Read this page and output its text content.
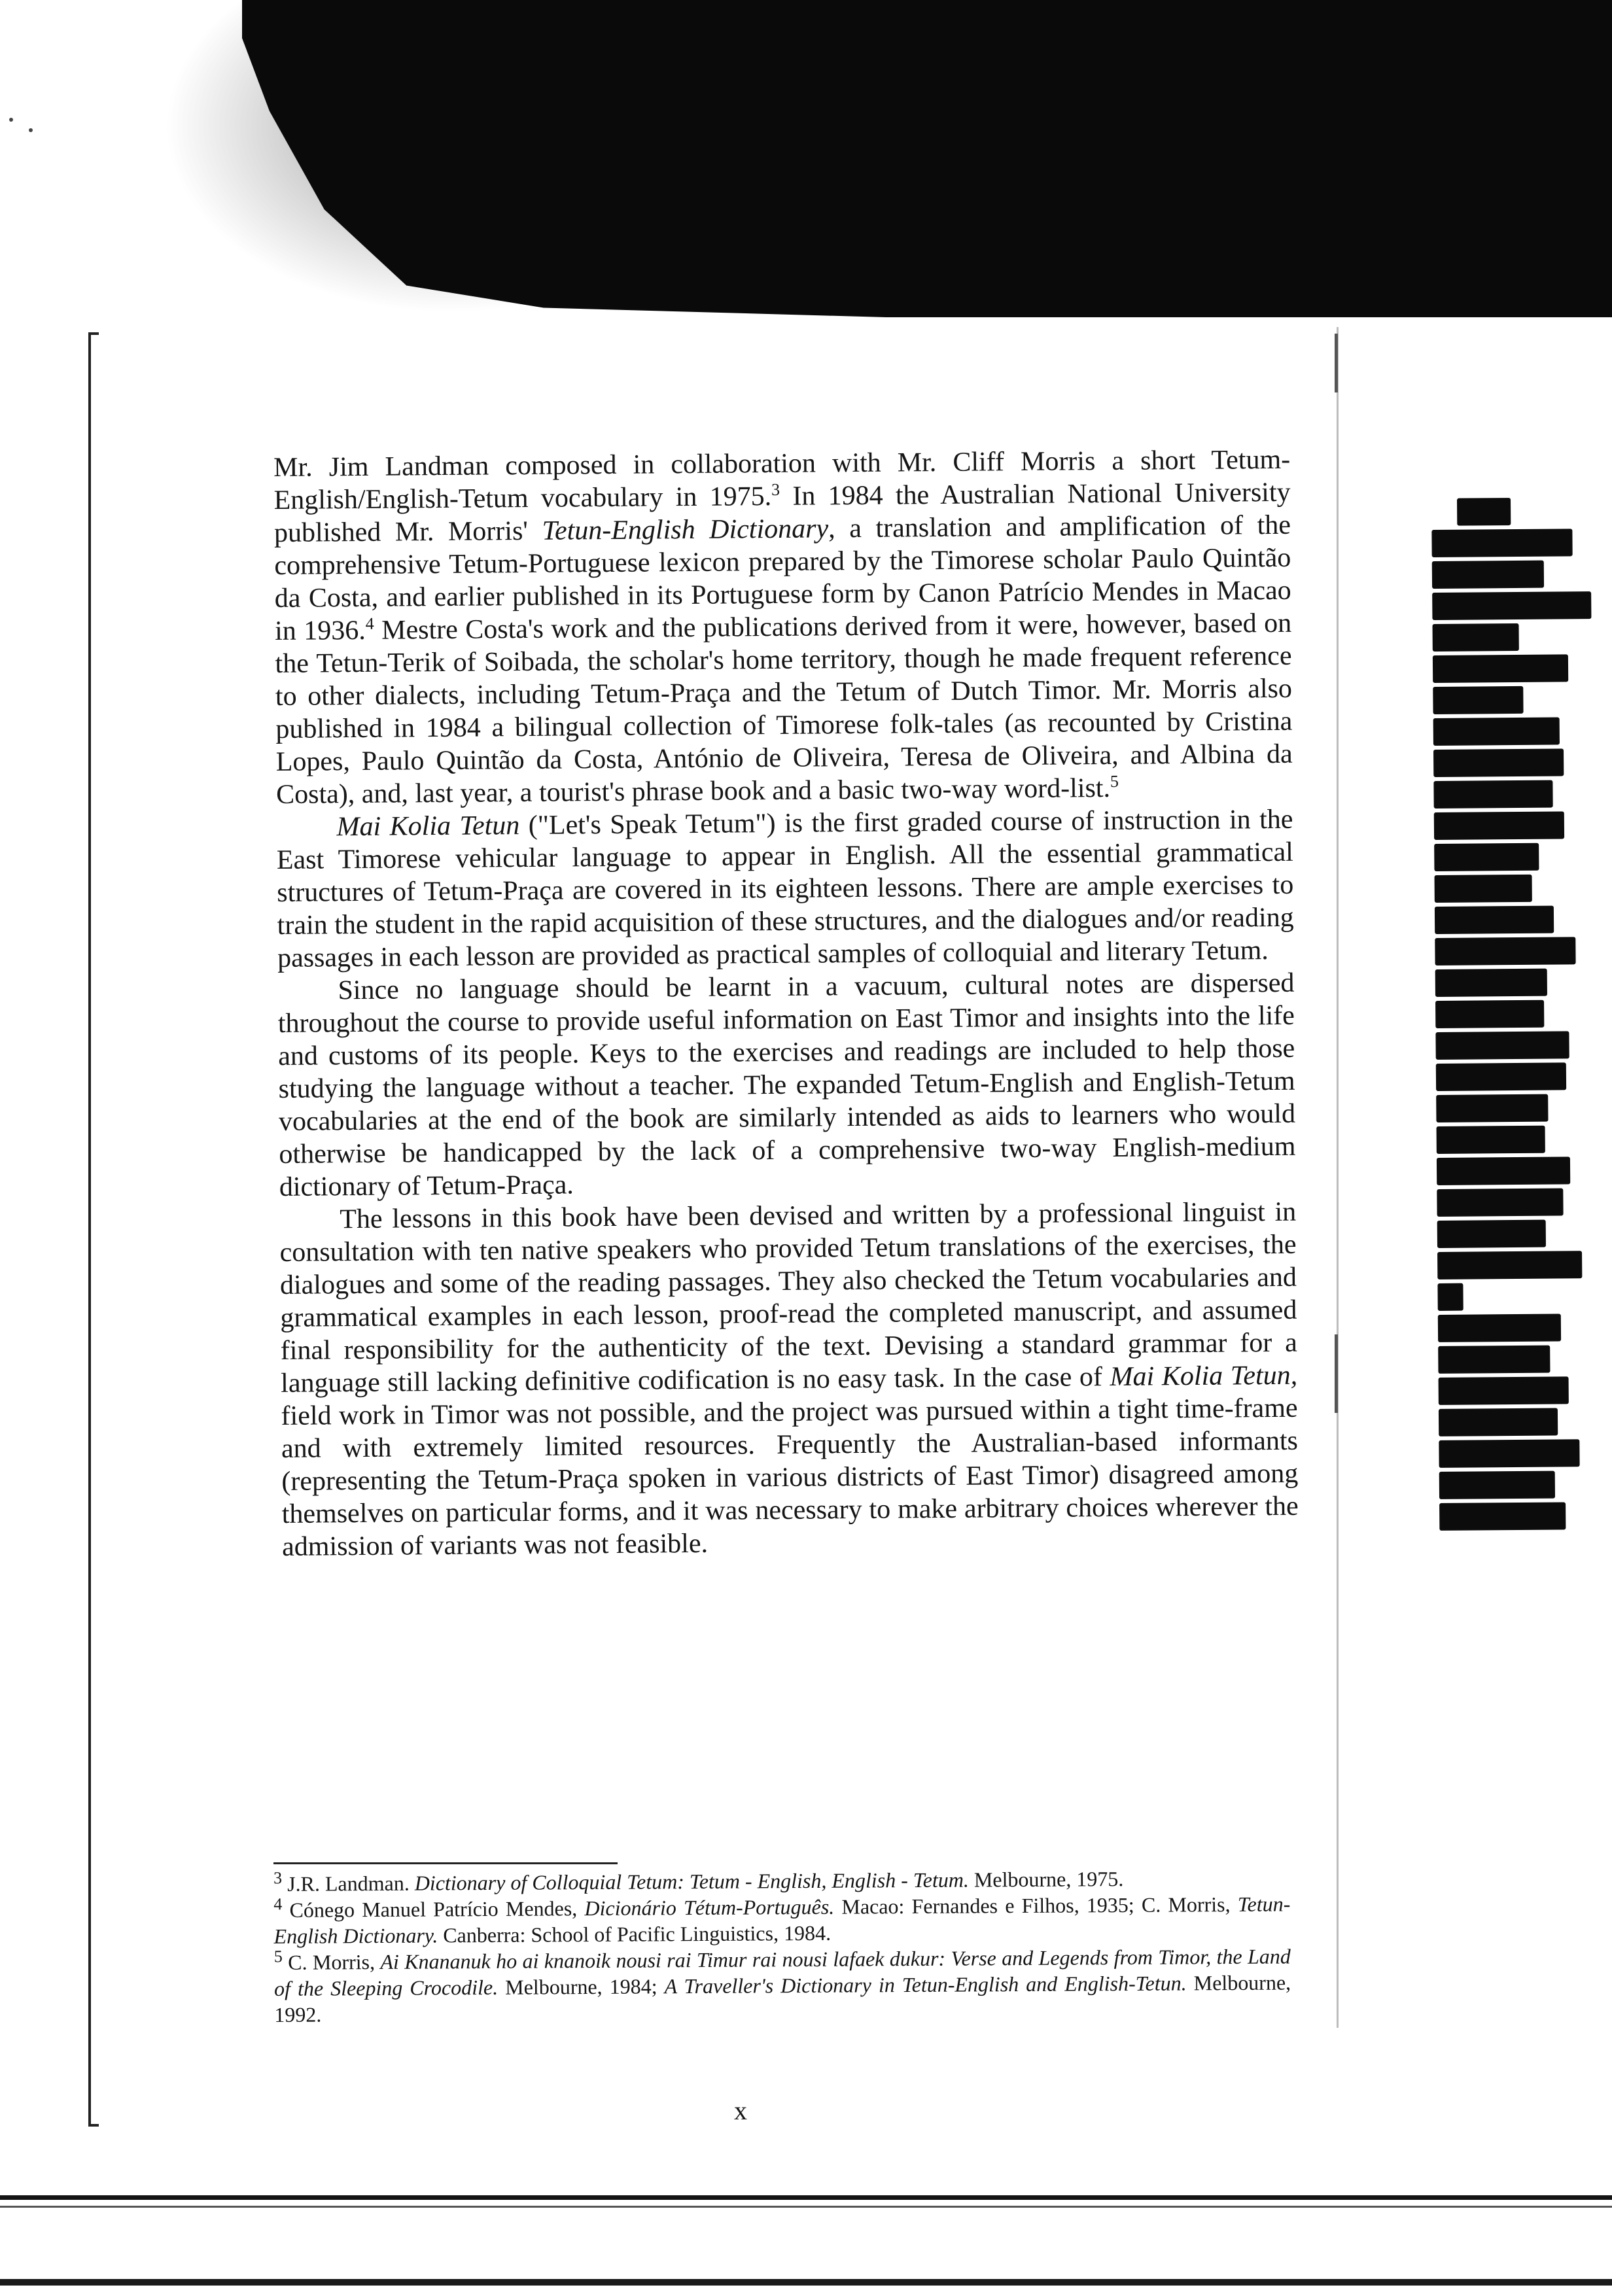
Mr. Jim Landman composed in collaboration with Mr. Cliff Morris a short Tetum-English/English-Tetum vocabulary in 1975.$^3$ In 1984 the Australian National University published Mr. Morris' Tetun-English Dictionary, a translation and amplification of the comprehensive Tetum-Portuguese lexicon prepared by the Timorese scholar Paulo Quintão da Costa, and earlier published in its Portuguese form by Canon Patrício Mendes in Macao in 1936.$^4$ Mestre Costa's work and the publications derived from it were, however, based on the Tetun-Terik of Soibada, the scholar's home territory, though he made frequent reference to other dialects, including Tetum-Praça and the Tetum of Dutch Timor. Mr. Morris also published in 1984 a bilingual collection of Timorese folk-tales (as recounted by Cristina Lopes, Paulo Quintão da Costa, António de Oliveira, Teresa de Oliveira, and Albina da Costa), and, last year, a tourist's phrase book and a basic two-way word-list.$^5$

Mai Kolia Tetun ("Let's Speak Tetum") is the first graded course of instruction in the East Timorese vehicular language to appear in English. All the essential grammatical structures of Tetum-Praça are covered in its eighteen lessons. There are ample exercises to train the student in the rapid acquisition of these structures, and the dialogues and/or reading passages in each lesson are provided as practical samples of colloquial and literary Tetum.

Since no language should be learnt in a vacuum, cultural notes are dispersed throughout the course to provide useful information on East Timor and insights into the life and customs of its people. Keys to the exercises and readings are included to help those studying the language without a teacher. The expanded Tetum-English and English-Tetum vocabularies at the end of the book are similarly intended as aids to learners who would otherwise be handicapped by the lack of a comprehensive two-way English-medium dictionary of Tetum-Praça.

The lessons in this book have been devised and written by a professional linguist in consultation with ten native speakers who provided Tetum translations of the exercises, the dialogues and some of the reading passages. They also checked the Tetum vocabularies and grammatical examples in each lesson, proof-read the completed manuscript, and assumed final responsibility for the authenticity of the text. Devising a standard grammar for a language still lacking definitive codification is no easy task. In the case of Mai Kolia Tetun, field work in Timor was not possible, and the project was pursued within a tight time-frame and with extremely limited resources. Frequently the Australian-based informants (representing the Tetum-Praça spoken in various districts of East Timor) disagreed among themselves on particular forms, and it was necessary to make arbitrary choices wherever the admission of variants was not feasible.

$^3$ J.R. Landman. Dictionary of Colloquial Tetum: Tetum - English, English - Tetum. Melbourne, 1975.

$^4$ Cónego Manuel Patrício Mendes, Dicionário Tétum-Português. Macao: Fernandes e Filhos, 1935; C. Morris, Tetun-English Dictionary. Canberra: School of Pacific Linguistics, 1984.

$^5$ C. Morris, Ai Knananuk ho ai knanoik nousi rai Timur rai nousi lafaek dukur: Verse and Legends from Timor, the Land of the Sleeping Crocodile. Melbourne, 1984; A Traveller's Dictionary in Tetun-English and English-Tetun. Melbourne, 1992.

x
